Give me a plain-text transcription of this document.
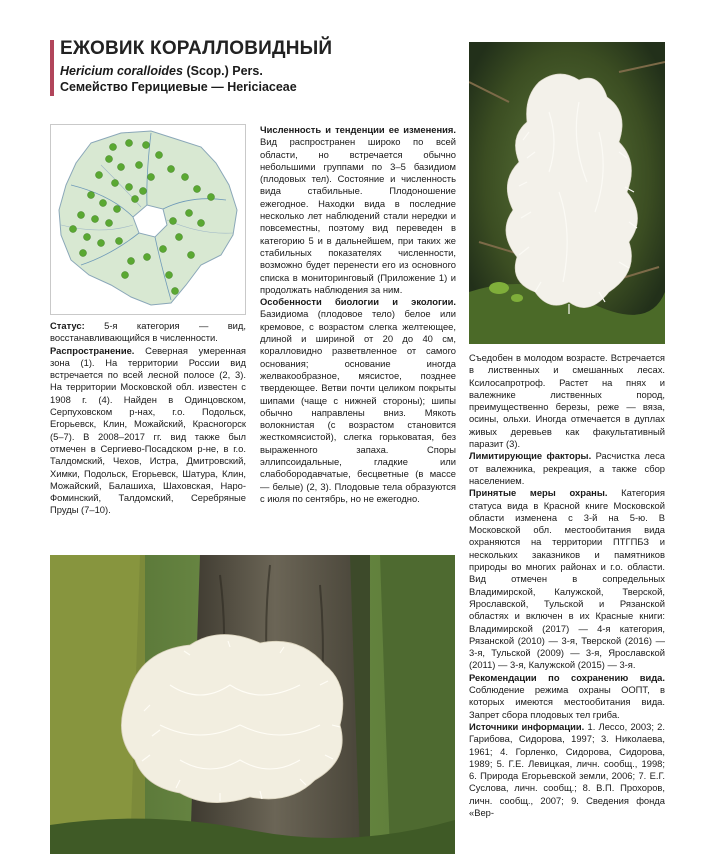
ЕЖОВИК КОРАЛЛОВИДНЫЙ
Hericium coralloides (Scop.) Pers.
Семейство Герициевые — Hericiaceae

Статус: 5-я категория — вид, восстанавливающийся в численности.

Распространение. Северная умеренная зона (1). На территории России вид встречается по всей лесной полосе (2, 3). На территории Московской обл. известен с 1908 г. (4). Найден в Одинцовском, Серпуховском р-нах, г.о. Подольск, Егорьевск, Клин, Можайский, Красногорск (5–7). В 2008–2017 гг. вид также был отмечен в Сергиево-Посадском р-не, в г.о. Талдомский, Чехов, Истра, Дмитровский, Химки, Подольск, Егорьевск, Шатура, Клин, Можайский, Балашиха, Шаховская, Наро-Фоминский, Талдомский, Серебряные Пруды (7–10).

Численность и тенденции ее изменения. Вид распространен широко по всей области, но встречается обычно небольшими группами по 3–5 базидиом (плодовых тел). Состояние и численность вида стабильные. Плодоношение ежегодное. Находки вида в последние несколько лет наблюдений стали нередки и повсеместны, поэтому вид переведен в категорию 5 и в дальнейшем, при таких же стабильных показателях численности, возможно будет перенести его из основного списка в мониторинговый (Приложение 1) и продолжать наблюдения за ним.

Особенности биологии и экологии. Базидиома (плодовое тело) белое или кремовое, с возрастом слегка желтеющее, длиной и шириной от 20 до 40 см, коралловидно разветвленное от самого основания; основание иногда желвакообразное, мясистое, позднее твердеющее. Ветви почти целиком покрыты шипами (чаще с нижней стороны); шипы обычно направлены вниз. Мякоть волокнистая (с возрастом становится жесткомясистой), слегка горьковатая, без выраженного запаха. Споры эллипсоидальные, гладкие или слабобородавчатые, бесцветные (в массе — белые) (2, 3). Плодовые тела образуются с июля по сентябрь, но не ежегодно.

Съедобен в молодом возрасте. Встречается в лиственных и смешанных лесах. Ксилосапротроф. Растет на пнях и валежнике лиственных пород, преимущественно березы, реже — вяза, осины, ольхи. Иногда отмечается в дуплах живых деревьев как факультативный паразит (3).

Лимитирующие факторы. Расчистка леса от валежника, рекреация, а также сбор населением.

Принятые меры охраны. Категория статуса вида в Красной книге Московской области изменена с 3-й на 5-ю. В Московской обл. местообитания вида охраняются на территории ПТГПБЗ и нескольких заказников и памятников природы во многих районах и г.о. области. Вид отмечен в сопредельных Владимирской, Калужской, Тверской, Ярославской, Тульской и Рязанской областях и включен в их Красные книги: Владимирской (2017) — 4-я категория, Рязанской (2010) — 3-я, Тверской (2016) — 3-я, Тульской (2009) — 3-я, Ярославской (2011) — 3-я, Калужской (2015) — 3-я.

Рекомендации по сохранению вида. Соблюдение режима охраны ООПТ, в которых имеются местообитания вида. Запрет сбора плодовых тел гриба.

Источники информации. 1. Лессо, 2003; 2. Гарибова, Сидорова, 1997; 3. Николаева, 1961; 4. Горленко, Сидорова, Сидорова, 1989; 5. Г.Е. Левицкая, личн. сообщ., 1998; 6. Природа Егорьевской земли, 2006; 7. Е.Г. Суслова, личн. сообщ.; 8. В.П. Прохоров, личн. сообщ., 2007; 9. Сведения фонда «Вер-
